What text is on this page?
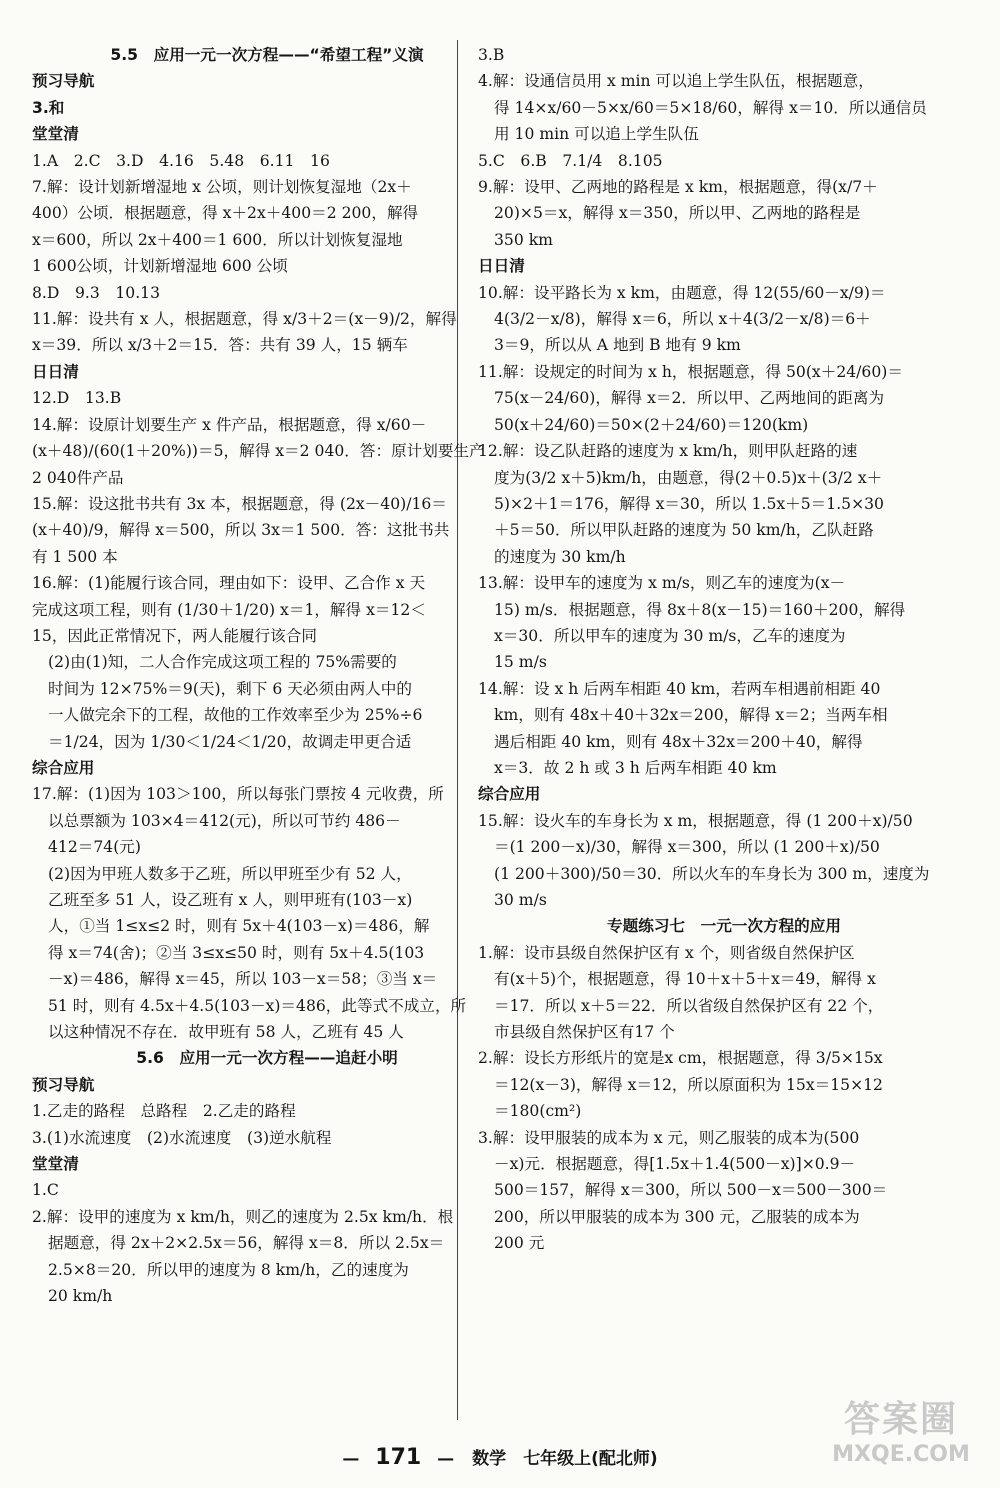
5.5　应用一元一次方程——“希望工程”义演
预习导航
3.和
堂堂清
1.A　2.C　3.D　4.16　5.48　6.11　16
7.解：设计划新增湿地 x 公顷，则计划恢复湿地（2x＋
400）公顷．根据题意，得 x＋2x＋400＝2 200，解得
x＝600，所以 2x＋400＝1 600．所以计划恢复湿地
1 600公顷，计划新增湿地 600 公顷
8.D　9.3　10.13
11.解：设共有 x 人，根据题意，得 x/3＋2＝(x－9)/2，解得
x＝39．所以 x/3＋2＝15．答：共有 39 人，15 辆车
日日清
12.D　13.B
14.解：设原计划要生产 x 件产品，根据题意，得 x/60－
(x＋48)/(60(1＋20%))＝5，解得 x＝2 040．答：原计划要生产
2 040件产品
15.解：设这批书共有 3x 本，根据题意，得 (2x－40)/16＝
(x＋40)/9，解得 x＝500，所以 3x＝1 500．答：这批书共
有 1 500 本
16.解：(1)能履行该合同，理由如下：设甲、乙合作 x 天
完成这项工程，则有 (1/30＋1/20) x＝1，解得 x＝12＜
15，因此正常情况下，两人能履行该合同
(2)由(1)知，二人合作完成这项工程的 75%需要的
时间为 12×75%＝9(天)，剩下 6 天必须由两人中的
一人做完余下的工程，故他的工作效率至少为 25%÷6
＝1/24，因为 1/30＜1/24＜1/20，故调走甲更合适
综合应用
17.解：(1)因为 103＞100，所以每张门票按 4 元收费，所
以总票额为 103×4＝412(元)，所以可节约 486－
412＝74(元)
(2)因为甲班人数多于乙班，所以甲班至少有 52 人，
乙班至多 51 人，设乙班有 x 人，则甲班有(103－x)
人，①当 1≤x≤2 时，则有 5x＋4(103－x)＝486，解
得 x＝74(舍)；②当 3≤x≤50 时，则有 5x＋4.5(103
－x)＝486，解得 x＝45，所以 103－x＝58；③当 x＝
51 时，则有 4.5x＋4.5(103－x)＝486，此等式不成立，所
以这种情况不存在．故甲班有 58 人，乙班有 45 人
5.6　应用一元一次方程——追赶小明
预习导航
1.乙走的路程　总路程　2.乙走的路程
3.(1)水流速度　(2)水流速度　(3)逆水航程
堂堂清
1.C
2.解：设甲的速度为 x km/h，则乙的速度为 2.5x km/h．根
据题意，得 2x＋2×2.5x＝56，解得 x＝8．所以 2.5x＝
2.5×8＝20．所以甲的速度为 8 km/h，乙的速度为
20 km/h
3.B
4.解：设通信员用 x min 可以追上学生队伍，根据题意，
得 14×x/60－5×x/60＝5×18/60，解得 x＝10．所以通信员
用 10 min 可以追上学生队伍
5.C　6.B　7.1/4　8.105
9.解：设甲、乙两地的路程是 x km，根据题意，得(x/7＋
20)×5＝x，解得 x＝350，所以甲、乙两地的路程是
350 km
日日清
10.解：设平路长为 x km，由题意，得 12(55/60－x/9)＝
4(3/2－x/8)，解得 x＝6，所以 x＋4(3/2－x/8)＝6＋
3＝9，所以从 A 地到 B 地有 9 km
11.解：设规定的时间为 x h，根据题意，得 50(x＋24/60)＝
75(x－24/60)，解得 x＝2．所以甲、乙两地间的距离为
50(x＋24/60)＝50×(2＋24/60)＝120(km)
12.解：设乙队赶路的速度为 x km/h，则甲队赶路的速
度为(3/2 x＋5)km/h，由题意，得(2＋0.5)x＋(3/2 x＋
5)×2＋1＝176，解得 x＝30，所以 1.5x＋5＝1.5×30
＋5＝50．所以甲队赶路的速度为 50 km/h，乙队赶路
的速度为 30 km/h
13.解：设甲车的速度为 x m/s，则乙车的速度为(x－
15) m/s．根据题意，得 8x＋8(x－15)＝160＋200，解得
x＝30．所以甲车的速度为 30 m/s，乙车的速度为
15 m/s
14.解：设 x h 后两车相距 40 km，若两车相遇前相距 40
km，则有 48x＋40＋32x＝200，解得 x＝2；当两车相
遇后相距 40 km，则有 48x＋32x＝200＋40，解得
x＝3．故 2 h 或 3 h 后两车相距 40 km
综合应用
15.解：设火车的车身长为 x m，根据题意，得 (1 200＋x)/50
＝(1 200－x)/30，解得 x＝300，所以 (1 200＋x)/50
(1 200＋300)/50＝30．所以火车的车身长为 300 m，速度为
30 m/s
专题练习七　一元一次方程的应用
1.解：设市县级自然保护区有 x 个，则省级自然保护区
有(x＋5)个，根据题意，得 10＋x＋5＋x＝49，解得 x
＝17．所以 x＋5＝22．所以省级自然保护区有 22 个，
市县级自然保护区有17 个
2.解：设长方形纸片的宽是x cm，根据题意，得 3/5×15x
＝12(x－3)，解得 x＝12，所以原面积为 15x＝15×12
＝180(cm²)
3.解：设甲服装的成本为 x 元，则乙服装的成本为(500
－x)元．根据题意，得[1.5x＋1.4(500－x)]×0.9－
500＝157，解得 x＝300，所以 500－x＝500－300＝
200，所以甲服装的成本为 300 元，乙服装的成本为
200 元
— 171 — 数学　七年级上(配北师)
答案圈
MXQE.COM
